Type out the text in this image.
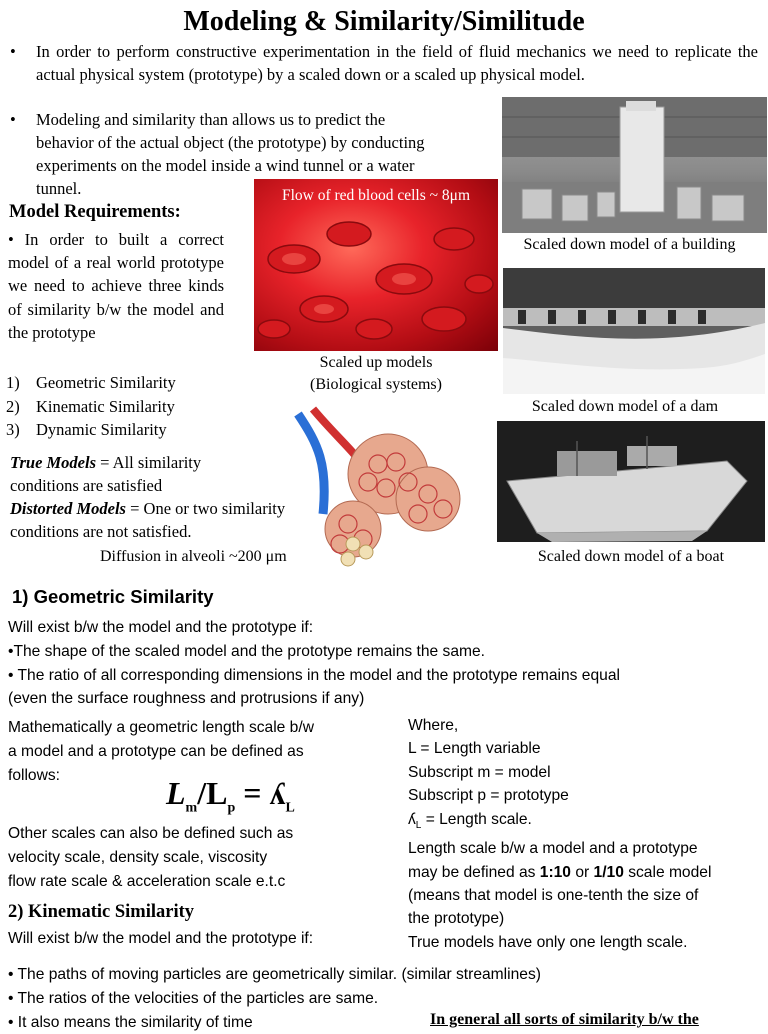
Modeling & Similarity/Similitude
• In order to perform constructive experimentation in the field of fluid mechanics we need to replicate the actual physical system (prototype) by a scaled down or a scaled up physical model.
• Modeling and similarity than allows us to predict the
behavior of the actual object (the prototype) by conducting
experiments on the model inside a wind tunnel or a water
tunnel.
Model Requirements:
• In order to built a correct model of a real world prototype we need to achieve three kinds of similarity b/w the model and the prototype
1) Geometric Similarity
2) Kinematic Similarity
3) Dynamic Similarity
True Models = All similarity conditions are satisfied
Distorted Models = One or two similarity conditions are not satisfied.
Flow of red blood cells ~ 8μm
Scaled up models
(Biological systems)
Diffusion in alveoli ~200 μm
Scaled down model of a building
Scaled down model of a dam
Scaled down model of a boat
1) Geometric Similarity
Will exist b/w the model and the prototype if:
•The shape of the scaled model and the prototype remains the same.
• The ratio of all corresponding dimensions in the model and the prototype remains equal
(even the surface roughness and protrusions if any)
Mathematically a geometric length scale b/w
a model and a prototype can be defined as
follows:	$L_m/L_p$ = ʎ$_L$
Other scales can also be defined such as
velocity scale, density scale, viscosity
flow rate scale & acceleration scale e.t.c
Where,
L = Length variable
Subscript m = model
Subscript p = prototype
ʎ$_L$ = Length scale.
Length scale b/w a model and a prototype
may be defined as 1:10 or 1/10 scale model
(means that model is one-tenth the size of
the prototype)
True models have only one length scale.
2) Kinematic Similarity
Will exist b/w the model and the prototype if:
• The paths of moving particles are geometrically similar. (similar streamlines)
• The ratios of the velocities of the particles are same.
• It also means the similarity of time	In general all sorts of similarity b/w the
